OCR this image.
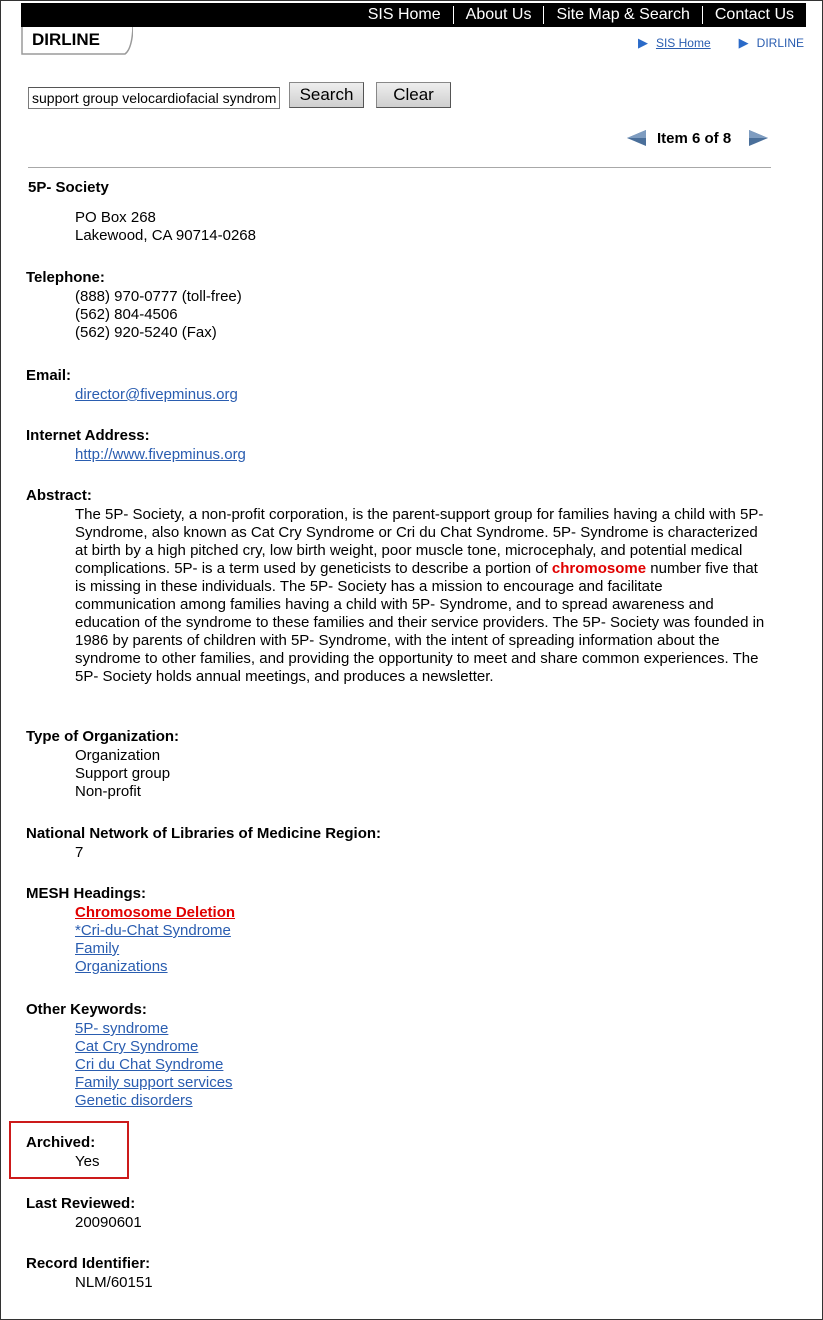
SIS Home	About Us	Site Map & Search	Contact Us
DIRLINE	▶ SIS Home ▶ DIRLINE
support group velocardiofacial syndrome
Search	Clear
Item 6 of 8
5P- Society
PO Box 268
Lakewood, CA 90714-0268
Telephone:
(888) 970-0777 (toll-free)
(562) 804-4506
(562) 920-5240 (Fax)
Email:
director@fivepminus.org
Internet Address:
http://www.fivepminus.org
Abstract:
The 5P- Society, a non-profit corporation, is the parent-support group for families having a child with 5P- Syndrome, also known as Cat Cry Syndrome or Cri du Chat Syndrome. 5P- Syndrome is characterized at birth by a high pitched cry, low birth weight, poor muscle tone, microcephaly, and potential medical complications. 5P- is a term used by geneticists to describe a portion of chromosome number five that is missing in these individuals. The 5P- Society has a mission to encourage and facilitate communication among families having a child with 5P- Syndrome, and to spread awareness and education of the syndrome to these families and their service providers. The 5P- Society was founded in 1986 by parents of children with 5P- Syndrome, with the intent of spreading information about the syndrome to other families, and providing the opportunity to meet and share common experiences. The 5P- Society holds annual meetings, and produces a newsletter.
Type of Organization:
Organization
Support group
Non-profit
National Network of Libraries of Medicine Region:
7
MESH Headings:
Chromosome Deletion
*Cri-du-Chat Syndrome
Family
Organizations
Other Keywords:
5P- syndrome
Cat Cry Syndrome
Cri du Chat Syndrome
Family support services
Genetic disorders
Archived:
Yes
Last Reviewed:
20090601
Record Identifier:
NLM/60151
